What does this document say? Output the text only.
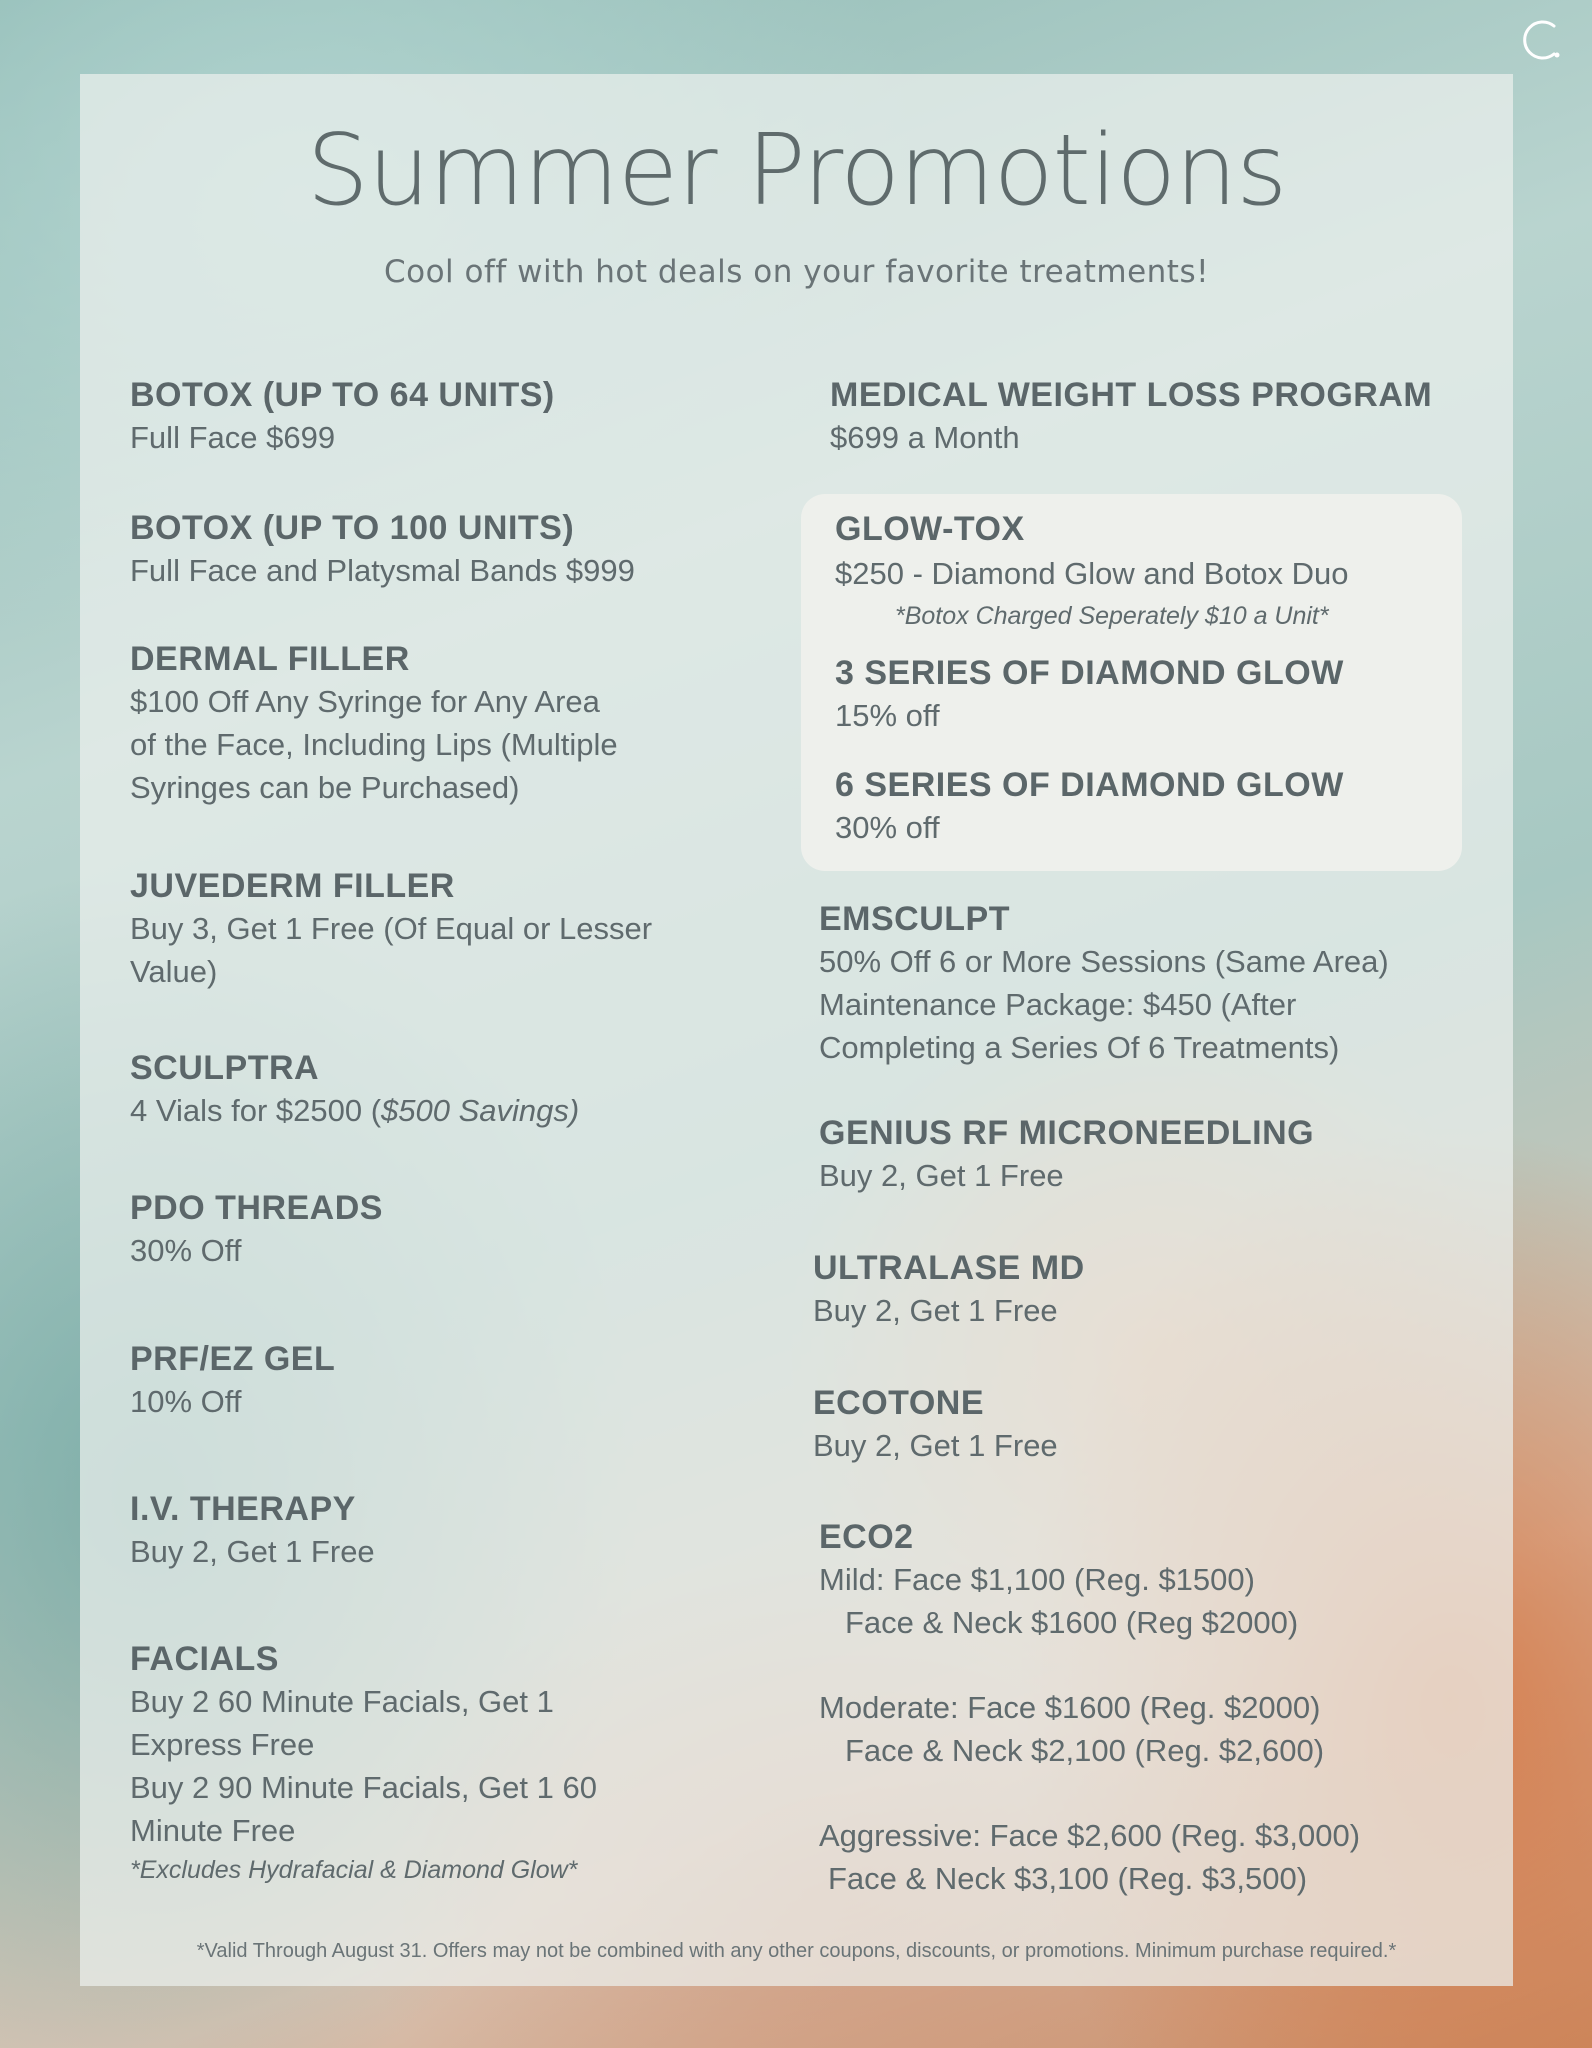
Summer Promotions

Cool off with hot deals on your favorite treatments!

BOTOX (UP TO 64 UNITS)
Full Face $699
BOTOX (UP TO 100 UNITS)
Full Face and Platysmal Bands $999
DERMAL FILLER
$100 Off Any Syringe for Any Area
of the Face, Including Lips (Multiple
Syringes can be Purchased)
JUVEDERM FILLER
Buy 3, Get 1 Free (Of Equal or Lesser
Value)
SCULPTRA
4 Vials for $2500 ($500 Savings)
PDO THREADS
30% Off
PRF/EZ GEL
10% Off
I.V. THERAPY
Buy 2, Get 1 Free
FACIALS
Buy 2 60 Minute Facials, Get 1
Express Free
Buy 2 90 Minute Facials, Get 1 60
Minute Free
*Excludes Hydrafacial & Diamond Glow*
MEDICAL WEIGHT LOSS PROGRAM
$699 a Month
GLOW-TOX
$250 - Diamond Glow and Botox Duo
*Botox Charged Seperately $10 a Unit*
3 SERIES OF DIAMOND GLOW
15% off
6 SERIES OF DIAMOND GLOW
30% off
EMSCULPT
50% Off 6 or More Sessions (Same Area)
Maintenance Package: $450 (After
Completing a Series Of 6 Treatments)
GENIUS RF MICRONEEDLING
Buy 2, Get 1 Free
ULTRALASE MD
Buy 2, Get 1 Free
ECOTONE
Buy 2, Get 1 Free
ECO2
Mild: Face $1,100 (Reg. $1500)
Face & Neck $1600 (Reg $2000)
Moderate: Face $1600 (Reg. $2000)
Face & Neck $2,100 (Reg. $2,600)
Aggressive: Face $2,600 (Reg. $3,000)
Face & Neck $3,100 (Reg. $3,500)

*Valid Through August 31. Offers may not be combined with any other coupons, discounts, or promotions. Minimum purchase required.*
